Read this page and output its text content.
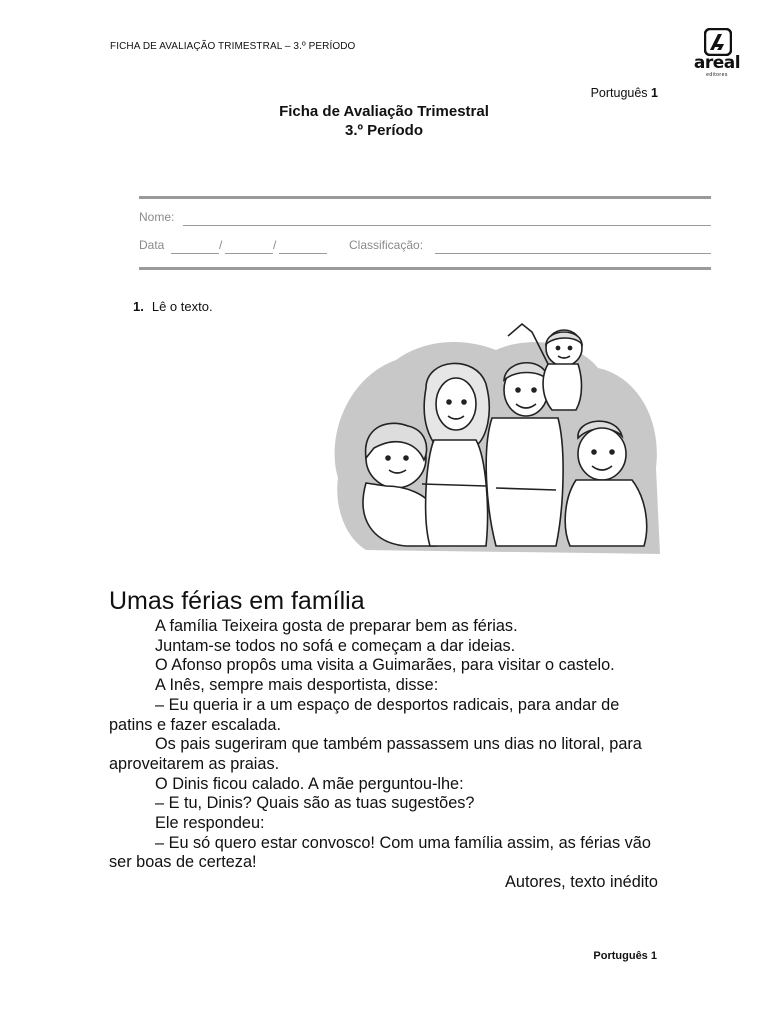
FICHA DE AVALIAÇÃO TRIMESTRAL – 3.º PERÍODO
areal
editores
Português 1
Ficha de Avaliação Trimestral
3.º Período
Nome:
Data	/	/	Classificação:
1. Lê o texto.
Umas férias em família

A família Teixeira gosta de preparar bem as férias.

Juntam-se todos no sofá e começam a dar ideias.

O Afonso propôs uma visita a Guimarães, para visitar o castelo.

A Inês, sempre mais desportista, disse:

– Eu queria ir a um espaço de desportos radicais, para andar de patins e fazer escalada.

Os pais sugeriram que também passassem uns dias no litoral, para aproveitarem as praias.

O Dinis ficou calado. A mãe perguntou-lhe:

– E tu, Dinis? Quais são as tuas sugestões?

Ele respondeu:

– Eu só quero estar convosco! Com uma família assim, as férias vão ser boas de certeza!

Autores, texto inédito

Português 1
